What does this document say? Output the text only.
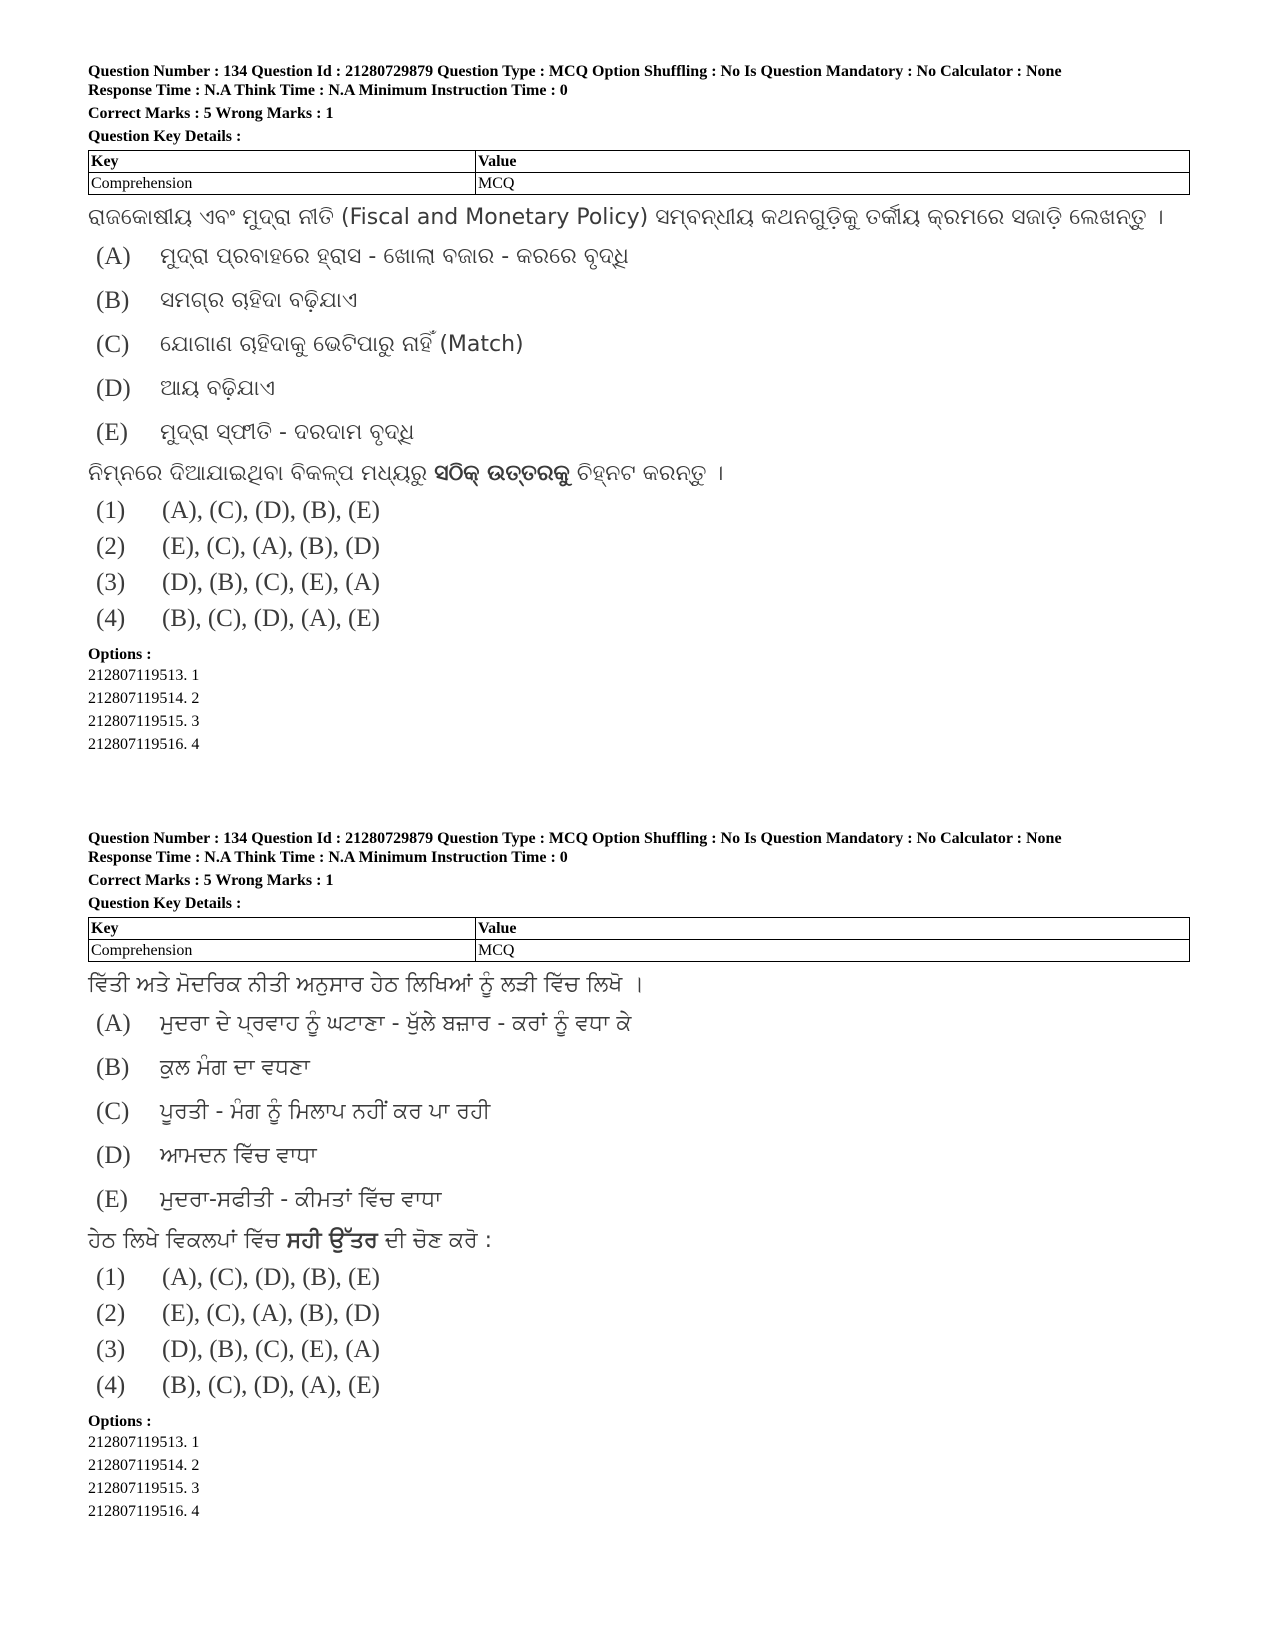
Question Number : 134 Question Id : 21280729879 Question Type : MCQ Option Shuffling : No Is Question Mandatory : No Calculator : None

Response Time : N.A Think Time : N.A Minimum Instruction Time : 0

Correct Marks : 5 Wrong Marks : 1

Question Key Details :

Key	Value
Comprehension	MCQ
ରାଜକୋଷୀୟ ଏବଂ ମୁଦ୍ରା ନୀତି (Fiscal and Monetary Policy) ସମ୍ବନ୍ଧୀୟ କଥନଗୁଡ଼ିକୁ ତର୍କୀୟ କ୍ରମରେ ସଜାଡ଼ି ଲେଖନ୍ତୁ ।
(A)	ମୁଦ୍ରା ପ୍ରବାହରେ ହ୍ରାସ - ଖୋଲା ବଜାର - କରରେ ବୃଦ୍ଧି
(B)	ସମଗ୍ର ଚାହିଦା ବଢ଼ିଯାଏ
(C)	ଯୋଗାଣ ଚାହିଦାକୁ ଭେଟିପାରୁ ନାହିଁ (Match)
(D)	ଆୟ ବଢ଼ିଯାଏ
(E)	ମୁଦ୍ରା ସ୍ଫୀତି - ଦରଦାମ ବୃଦ୍ଧି
ନିମ୍ନରେ ଦିଆଯାଇଥିବା ବିକଳ୍ପ ମଧ୍ୟରୁ ସଠିକ୍ ଉତ୍ତରକୁ ଚିହ୍ନଟ କରନ୍ତୁ ।
(1)	(A), (C), (D), (B), (E)
(2)	(E), (C), (A), (B), (D)
(3)	(D), (B), (C), (E), (A)
(4)	(B), (C), (D), (A), (E)
Options :
212807119513. 1
212807119514. 2
212807119515. 3
212807119516. 4

Question Number : 134 Question Id : 21280729879 Question Type : MCQ Option Shuffling : No Is Question Mandatory : No Calculator : None

Response Time : N.A Think Time : N.A Minimum Instruction Time : 0

Correct Marks : 5 Wrong Marks : 1

Question Key Details :

Key	Value
Comprehension	MCQ
ਵਿੱਤੀ ਅਤੇ ਮੋਦਰਿਕ ਨੀਤੀ ਅਨੁਸਾਰ ਹੇਠ ਲਿਖਿਆਂ ਨੂੰ ਲੜੀ ਵਿੱਚ ਲਿਖੋ ।
(A)	ਮੁਦਰਾ ਦੇ ਪ੍ਰਵਾਹ ਨੂੰ ਘਟਾਣਾ - ਖੁੱਲੇ ਬਜ਼ਾਰ - ਕਰਾਂ ਨੂੰ ਵਧਾ ਕੇ
(B)	ਕੁਲ ਮੰਗ ਦਾ ਵਧਣਾ
(C)	ਪੂਰਤੀ - ਮੰਗ ਨੂੰ ਮਿਲਾਪ ਨਹੀਂ ਕਰ ਪਾ ਰਹੀ
(D)	ਆਮਦਨ ਵਿੱਚ ਵਾਧਾ
(E)	ਮੁਦਰਾ-ਸਫੀਤੀ - ਕੀਮਤਾਂ ਵਿੱਚ ਵਾਧਾ
ਹੇਠ ਲਿਖੇ ਵਿਕਲਪਾਂ ਵਿੱਚ ਸਹੀ ਉੱਤਰ ਦੀ ਚੋਣ ਕਰੋ :
(1)	(A), (C), (D), (B), (E)
(2)	(E), (C), (A), (B), (D)
(3)	(D), (B), (C), (E), (A)
(4)	(B), (C), (D), (A), (E)
Options :
212807119513. 1
212807119514. 2
212807119515. 3
212807119516. 4
